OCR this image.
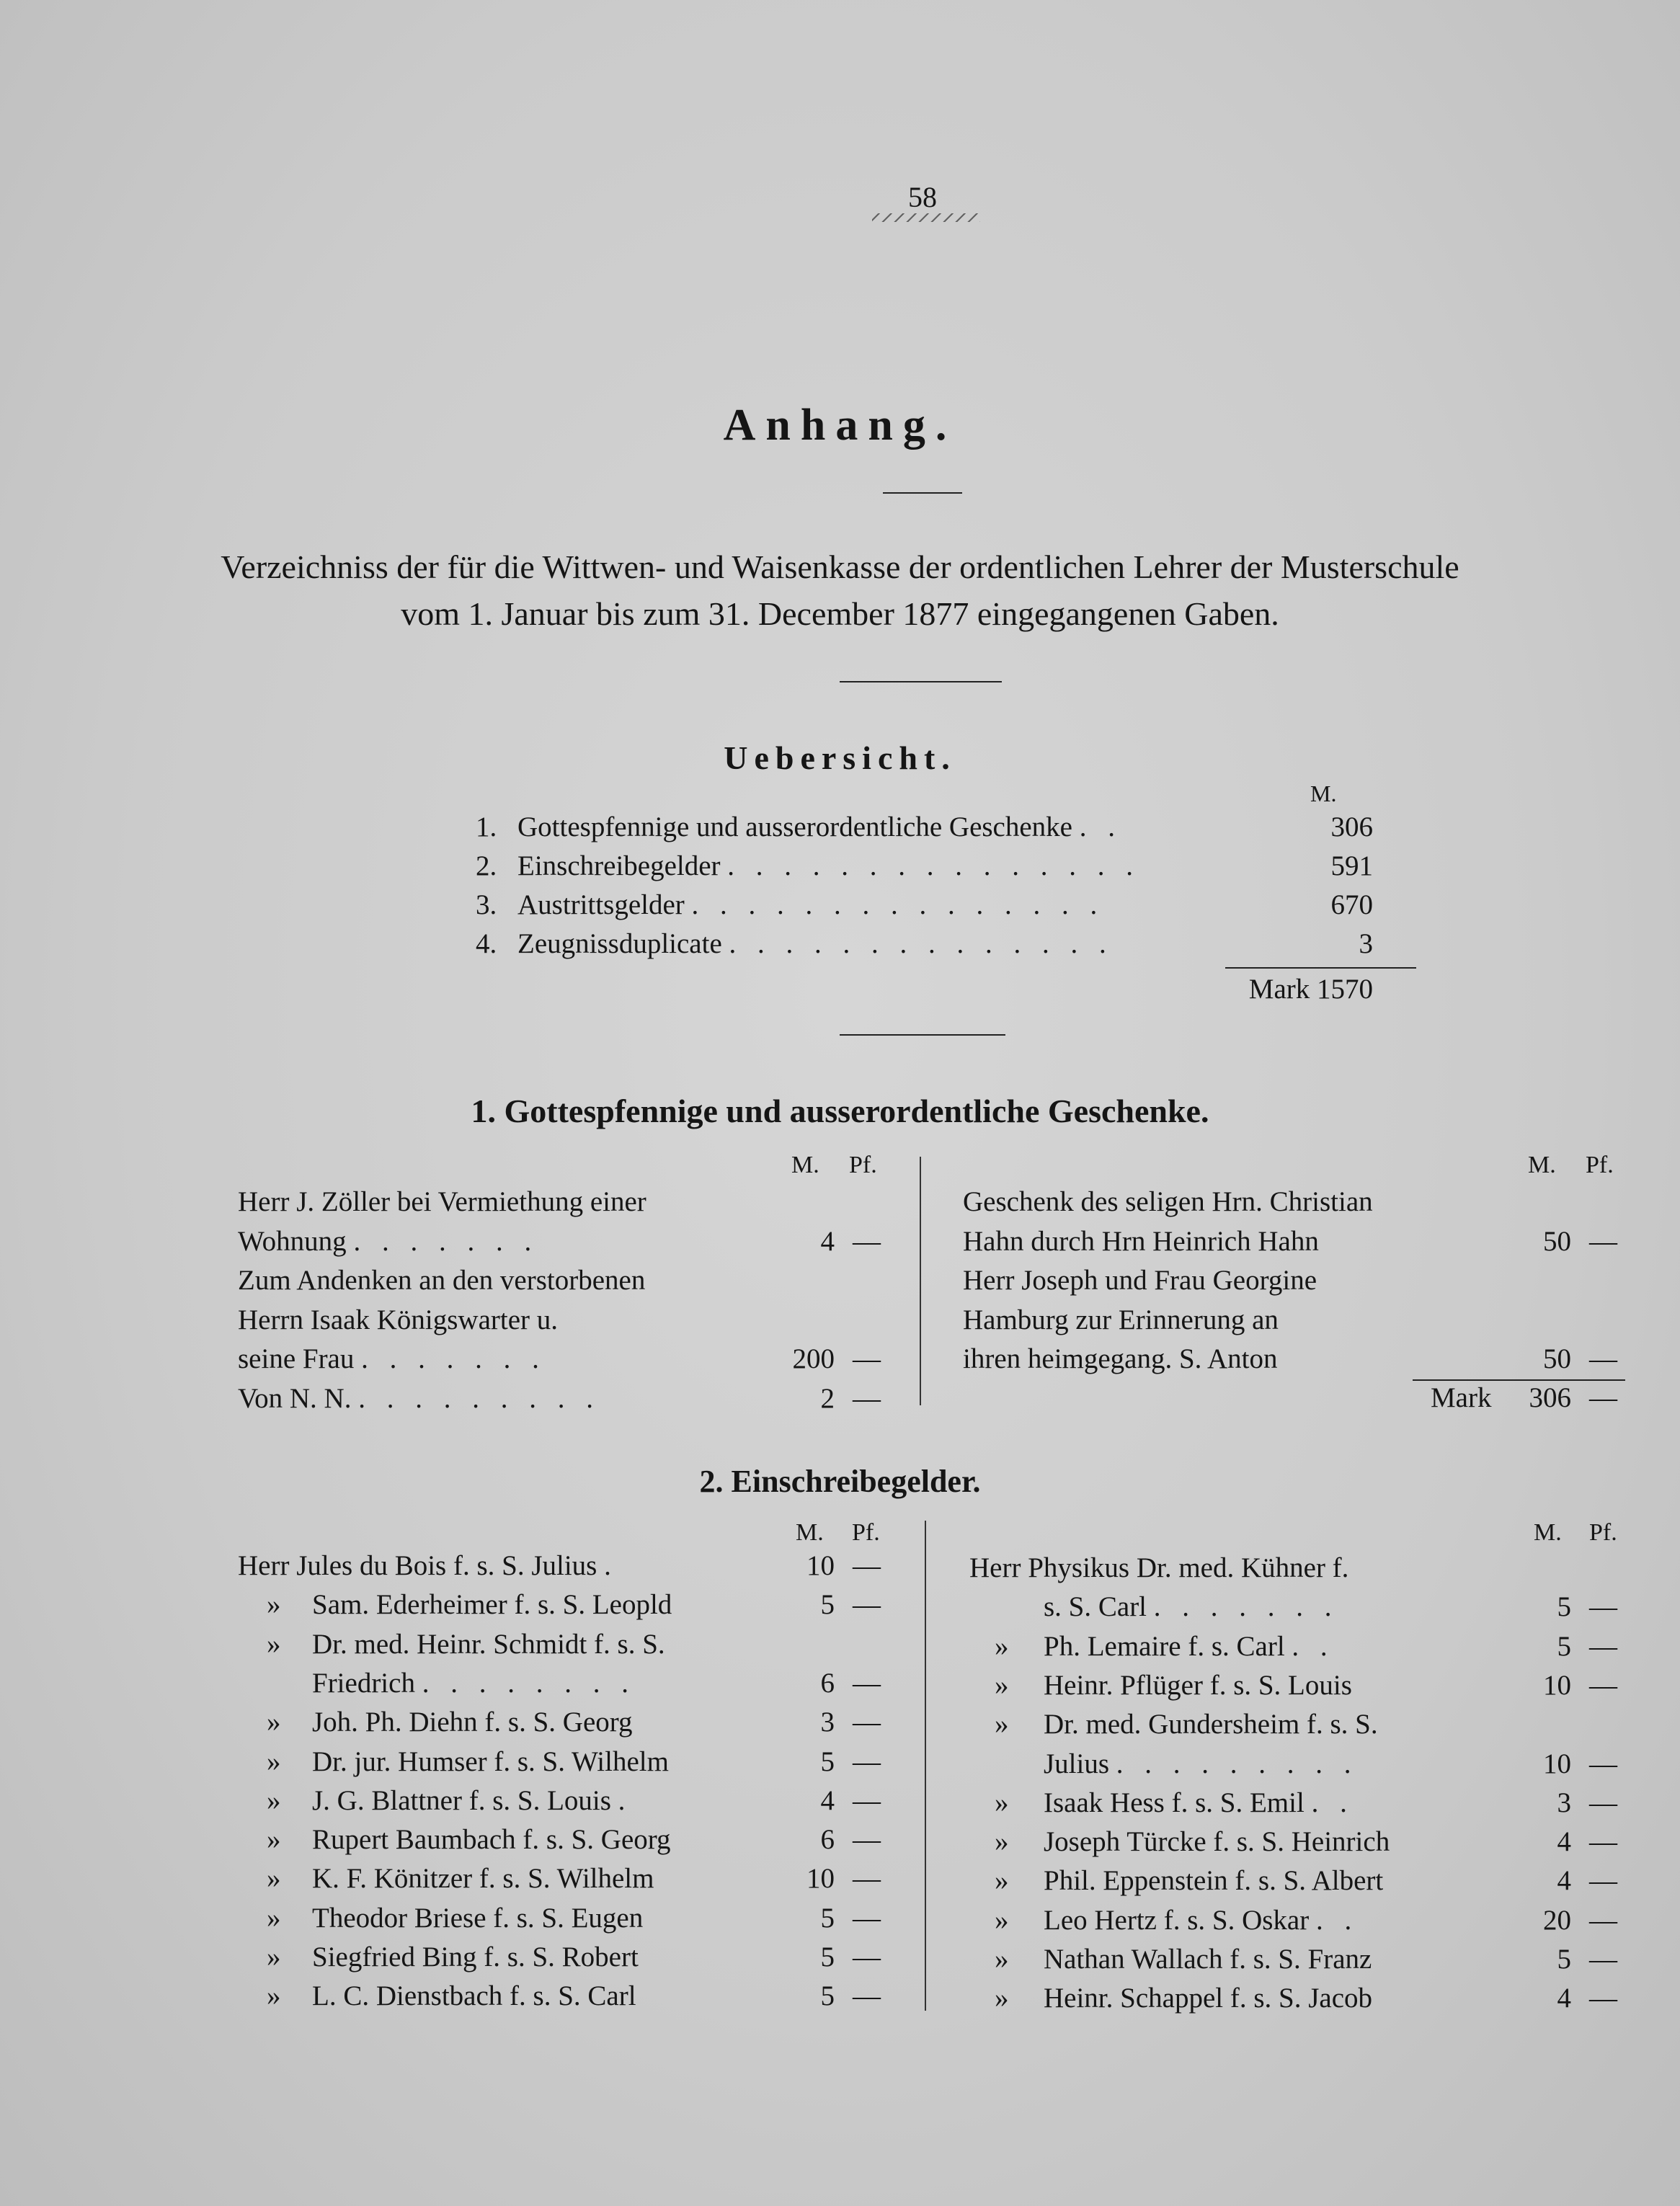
58
Anhang.
Verzeichniss der für die Wittwen- und Waisenkasse der ordentlichen Lehrer der Musterschule
vom 1. Januar bis zum 31. December 1877 eingegangenen Gaben.
Uebersicht.
M.
1. Gottespfennige und ausserordentliche Geschenke . .	306
2. Einschreibegelder . . . . . . . . . . . . . . .	591
3. Austrittsgelder . . . . . . . . . . . . . . .	670
4. Zeugnissduplicate . . . . . . . . . . . . . .	3
Mark 1570
1. Gottespfennige und ausserordentliche Geschenke.
M. Pf.	M. Pf.
Herr J. Zöller bei Vermiethung einer
Wohnung . . . . . . .	4 —
Zum Andenken an den verstorbenen
Herrn Isaak Königswarter u.
seine Frau . . . . . . .	200 —
Von N. N. . . . . . . . . .	2 —
Geschenk des seligen Hrn. Christian
Hahn durch Hrn Heinrich Hahn	50 —
Herr Joseph und Frau Georgine
Hamburg zur Erinnerung an
ihren heimgegang. S. Anton	50 —
Mark	306 —
2. Einschreibegelder.
M. Pf.	M. Pf.
Herr Jules du Bois f. s. S. Julius .	10 —
» Sam. Ederheimer f. s. S. Leopld	5 —
» Dr. med. Heinr. Schmidt f. s. S.
Friedrich . . . . . . . .	6 —
» Joh. Ph. Diehn f. s. S. Georg	3 —
» Dr. jur. Humser f. s. S. Wilhelm	5 —
» J. G. Blattner f. s. S. Louis .	4 —
» Rupert Baumbach f. s. S. Georg	6 —
» K. F. Könitzer f. s. S. Wilhelm	10 —
» Theodor Briese f. s. S. Eugen	5 —
» Siegfried Bing f. s. S. Robert	5 —
» L. C. Dienstbach f. s. S. Carl	5 —
Herr Physikus Dr. med. Kühner f.
s. S. Carl . . . . . . .	5 —
» Ph. Lemaire f. s. Carl . .	5 —
» Heinr. Pflüger f. s. S. Louis	10 —
» Dr. med. Gundersheim f. s. S.
Julius . . . . . . . . .	10 —
» Isaak Hess f. s. S. Emil . .	3 —
» Joseph Türcke f. s. S. Heinrich	4 —
» Phil. Eppenstein f. s. S. Albert	4 —
» Leo Hertz f. s. S. Oskar . .	20 —
» Nathan Wallach f. s. S. Franz	5 —
» Heinr. Schappel f. s. S. Jacob	4 —
